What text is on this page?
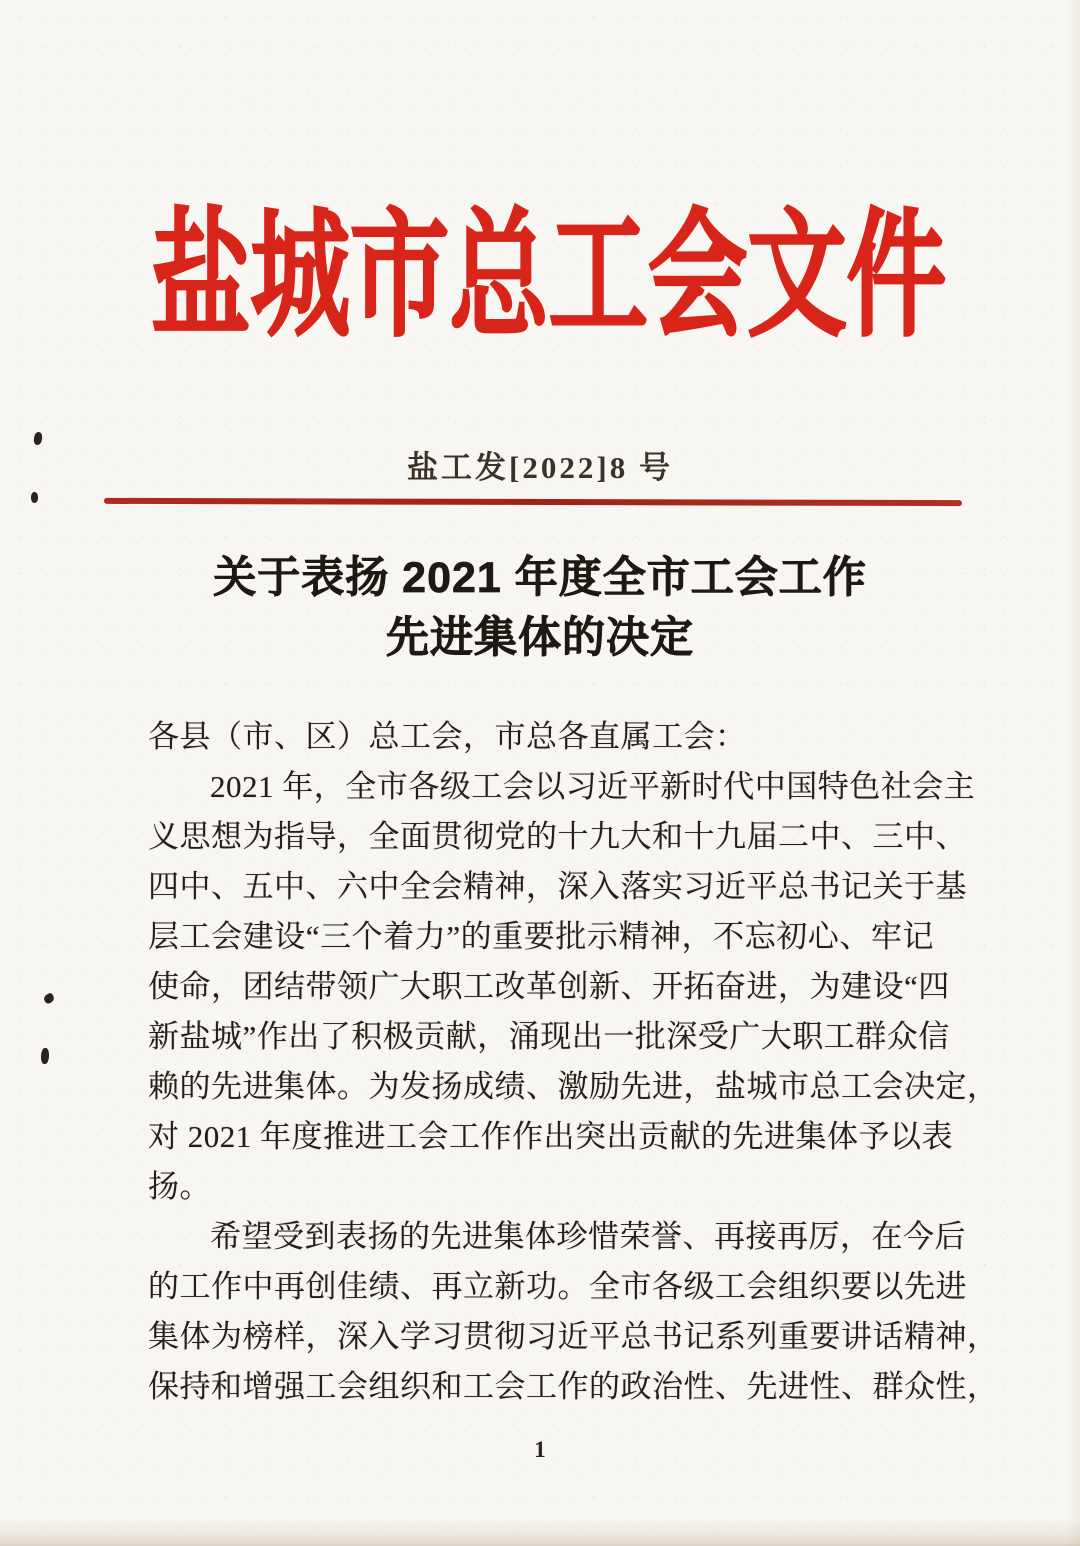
盐城市总工会文件
盐工发[2022]8 号
关于表扬 2021 年度全市工会工作
先进集体的决定
各县（市、区）总工会，市总各直属工会：
2021 年，全市各级工会以习近平新时代中国特色社会主
义思想为指导，全面贯彻党的十九大和十九届二中、三中、
四中、五中、六中全会精神，深入落实习近平总书记关于基
层工会建设“三个着力”的重要批示精神，不忘初心、牢记
使命，团结带领广大职工改革创新、开拓奋进，为建设“四
新盐城”作出了积极贡献，涌现出一批深受广大职工群众信
赖的先进集体。为发扬成绩、激励先进，盐城市总工会决定，
对 2021 年度推进工会工作作出突出贡献的先进集体予以表
扬。
希望受到表扬的先进集体珍惜荣誉、再接再厉，在今后
的工作中再创佳绩、再立新功。全市各级工会组织要以先进
集体为榜样，深入学习贯彻习近平总书记系列重要讲话精神，
保持和增强工会组织和工会工作的政治性、先进性、群众性，
1
